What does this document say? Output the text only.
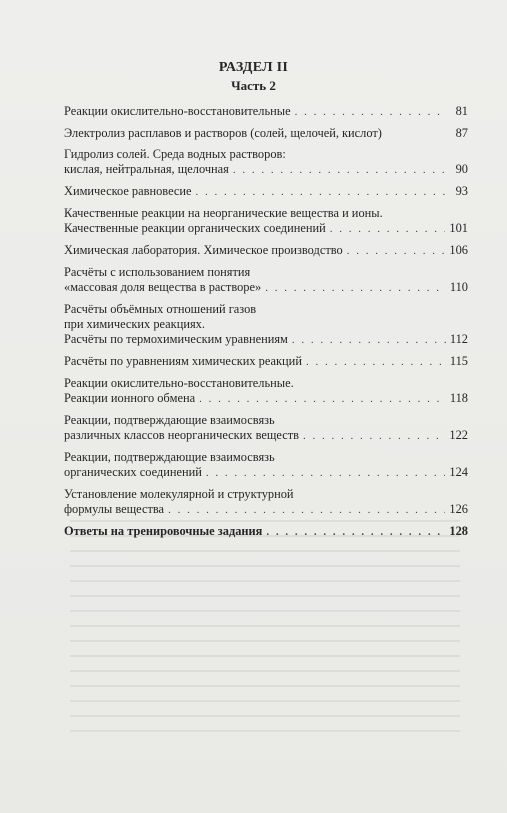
РАЗДЕЛ II
Часть 2
Реакции окислительно-восстановительные . . .	81
Электролиз расплавов и растворов (солей, щелочей, кислот)	87
Гидролиз солей. Среда водных растворов:
кислая, нейтральная, щелочная . . .	90
Химическое равновесие . . .	93
Качественные реакции на неорганические вещества и ионы.
Качественные реакции органических соединений . . .	101
Химическая лаборатория. Химическое производство . . .	106
Расчёты с использованием понятия
«массовая доля вещества в растворе» . . .	110
Расчёты объёмных отношений газов
при химических реакциях.
Расчёты по термохимическим уравнениям . . .	112
Расчёты по уравнениям химических реакций . . .	115
Реакции окислительно-восстановительные.
Реакции ионного обмена . . .	118
Реакции, подтверждающие взаимосвязь
различных классов неорганических веществ . . .	122
Реакции, подтверждающие взаимосвязь
органических соединений . . .	124
Установление молекулярной и структурной
формулы вещества . . .	126
Ответы на тренировочные задания . . .	128
